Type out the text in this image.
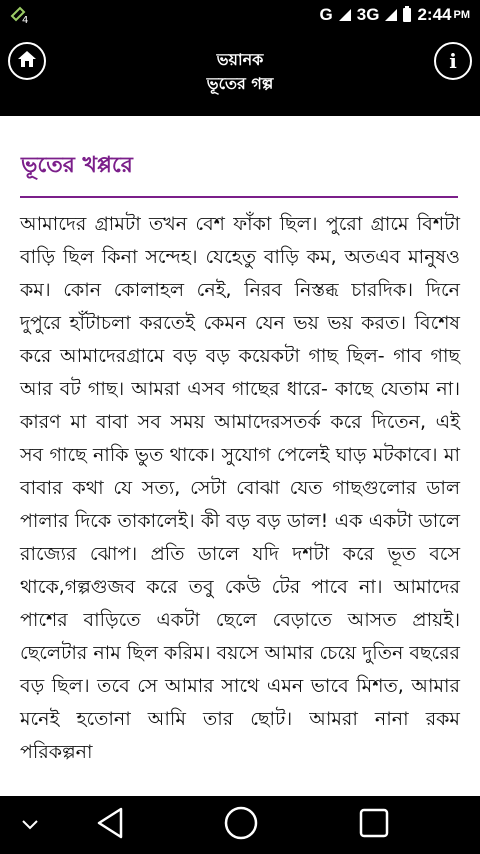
4	G 3G 2:44 PM
ভয়ানক
ভূতের গল্প
i
ভূতের খপ্পরে
আমাদের গ্রামটা তখন বেশ ফাঁকা ছিল। পুরো গ্রামে বিশটা বাড়ি ছিল কিনা সন্দেহ। যেহেতু বাড়ি কম, অতএব মানুষও কম। কোন কোলাহল নেই, নিরব নিস্তব্ধ চারদিক। দিনে দুপুরে হাঁটাচলা করতেই কেমন যেন ভয় ভয় করত। বিশেষ করে আমাদেরগ্রামে বড় বড় কয়েকটা গাছ ছিল- গাব গাছ আর বট গাছ। আমরা এসব গাছের ধারে- কাছে যেতাম না। কারণ মা বাবা সব সময় আমাদেরসতর্ক করে দিতেন, এই সব গাছে নাকি ভুত থাকে। সুযোগ পেলেই ঘাড় মটকাবে। মা বাবার কথা যে সত্য, সেটা বোঝা যেত গাছগুলোর ডাল পালার দিকে তাকালেই। কী বড় বড় ডাল! এক একটা ডালে রাজ্যের ঝোপ। প্রতি ডালে যদি দশটা করে ভূত বসে থাকে,গল্পগুজব করে তবু কেউ টের পাবে না। আমাদের পাশের বাড়িতে একটা ছেলে বেড়াতে আসত প্রায়ই। ছেলেটার নাম ছিল করিম। বয়সে আমার চেয়ে দুতিন বছরের বড় ছিল। তবে সে আমার সাথে এমন ভাবে মিশত, আমার মনেই হতোনা আমি তার ছোট। আমরা নানা রকম পরিকল্পনা
